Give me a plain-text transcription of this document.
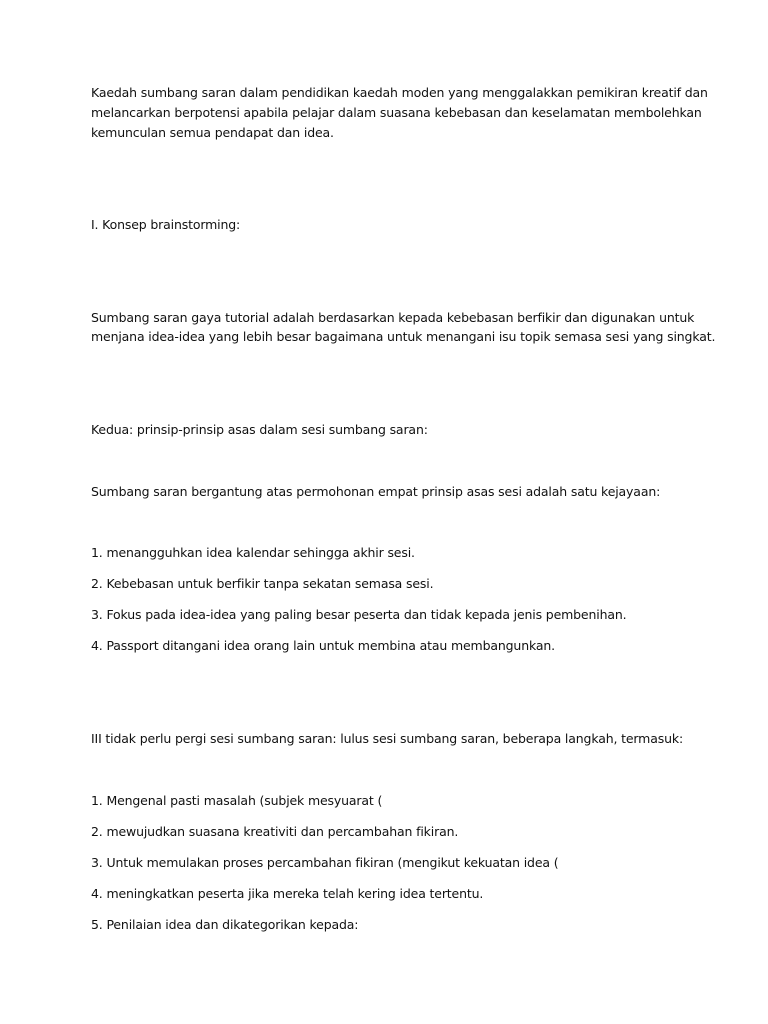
Kaedah sumbang saran dalam pendidikan kaedah moden yang menggalakkan pemikiran kreatif dan

melancarkan berpotensi apabila pelajar dalam suasana kebebasan dan keselamatan membolehkan

kemunculan semua pendapat dan idea.

I. Konsep brainstorming:

Sumbang saran gaya tutorial adalah berdasarkan kepada kebebasan berfikir dan digunakan untuk

menjana idea-idea yang lebih besar bagaimana untuk menangani isu topik semasa sesi yang singkat.

Kedua: prinsip-prinsip asas dalam sesi sumbang saran:

Sumbang saran bergantung atas permohonan empat prinsip asas sesi adalah satu kejayaan:

1. menangguhkan idea kalendar sehingga akhir sesi.

2. Kebebasan untuk berfikir tanpa sekatan semasa sesi.

3. Fokus pada idea-idea yang paling besar peserta dan tidak kepada jenis pembenihan.

4. Passport ditangani idea orang lain untuk membina atau membangunkan.

III tidak perlu pergi sesi sumbang saran: lulus sesi sumbang saran, beberapa langkah, termasuk:

1. Mengenal pasti masalah (subjek mesyuarat (

2. mewujudkan suasana kreativiti dan percambahan fikiran.

3. Untuk memulakan proses percambahan fikiran (mengikut kekuatan idea (

4. meningkatkan peserta jika mereka telah kering idea tertentu.

5. Penilaian idea dan dikategorikan kepada:
